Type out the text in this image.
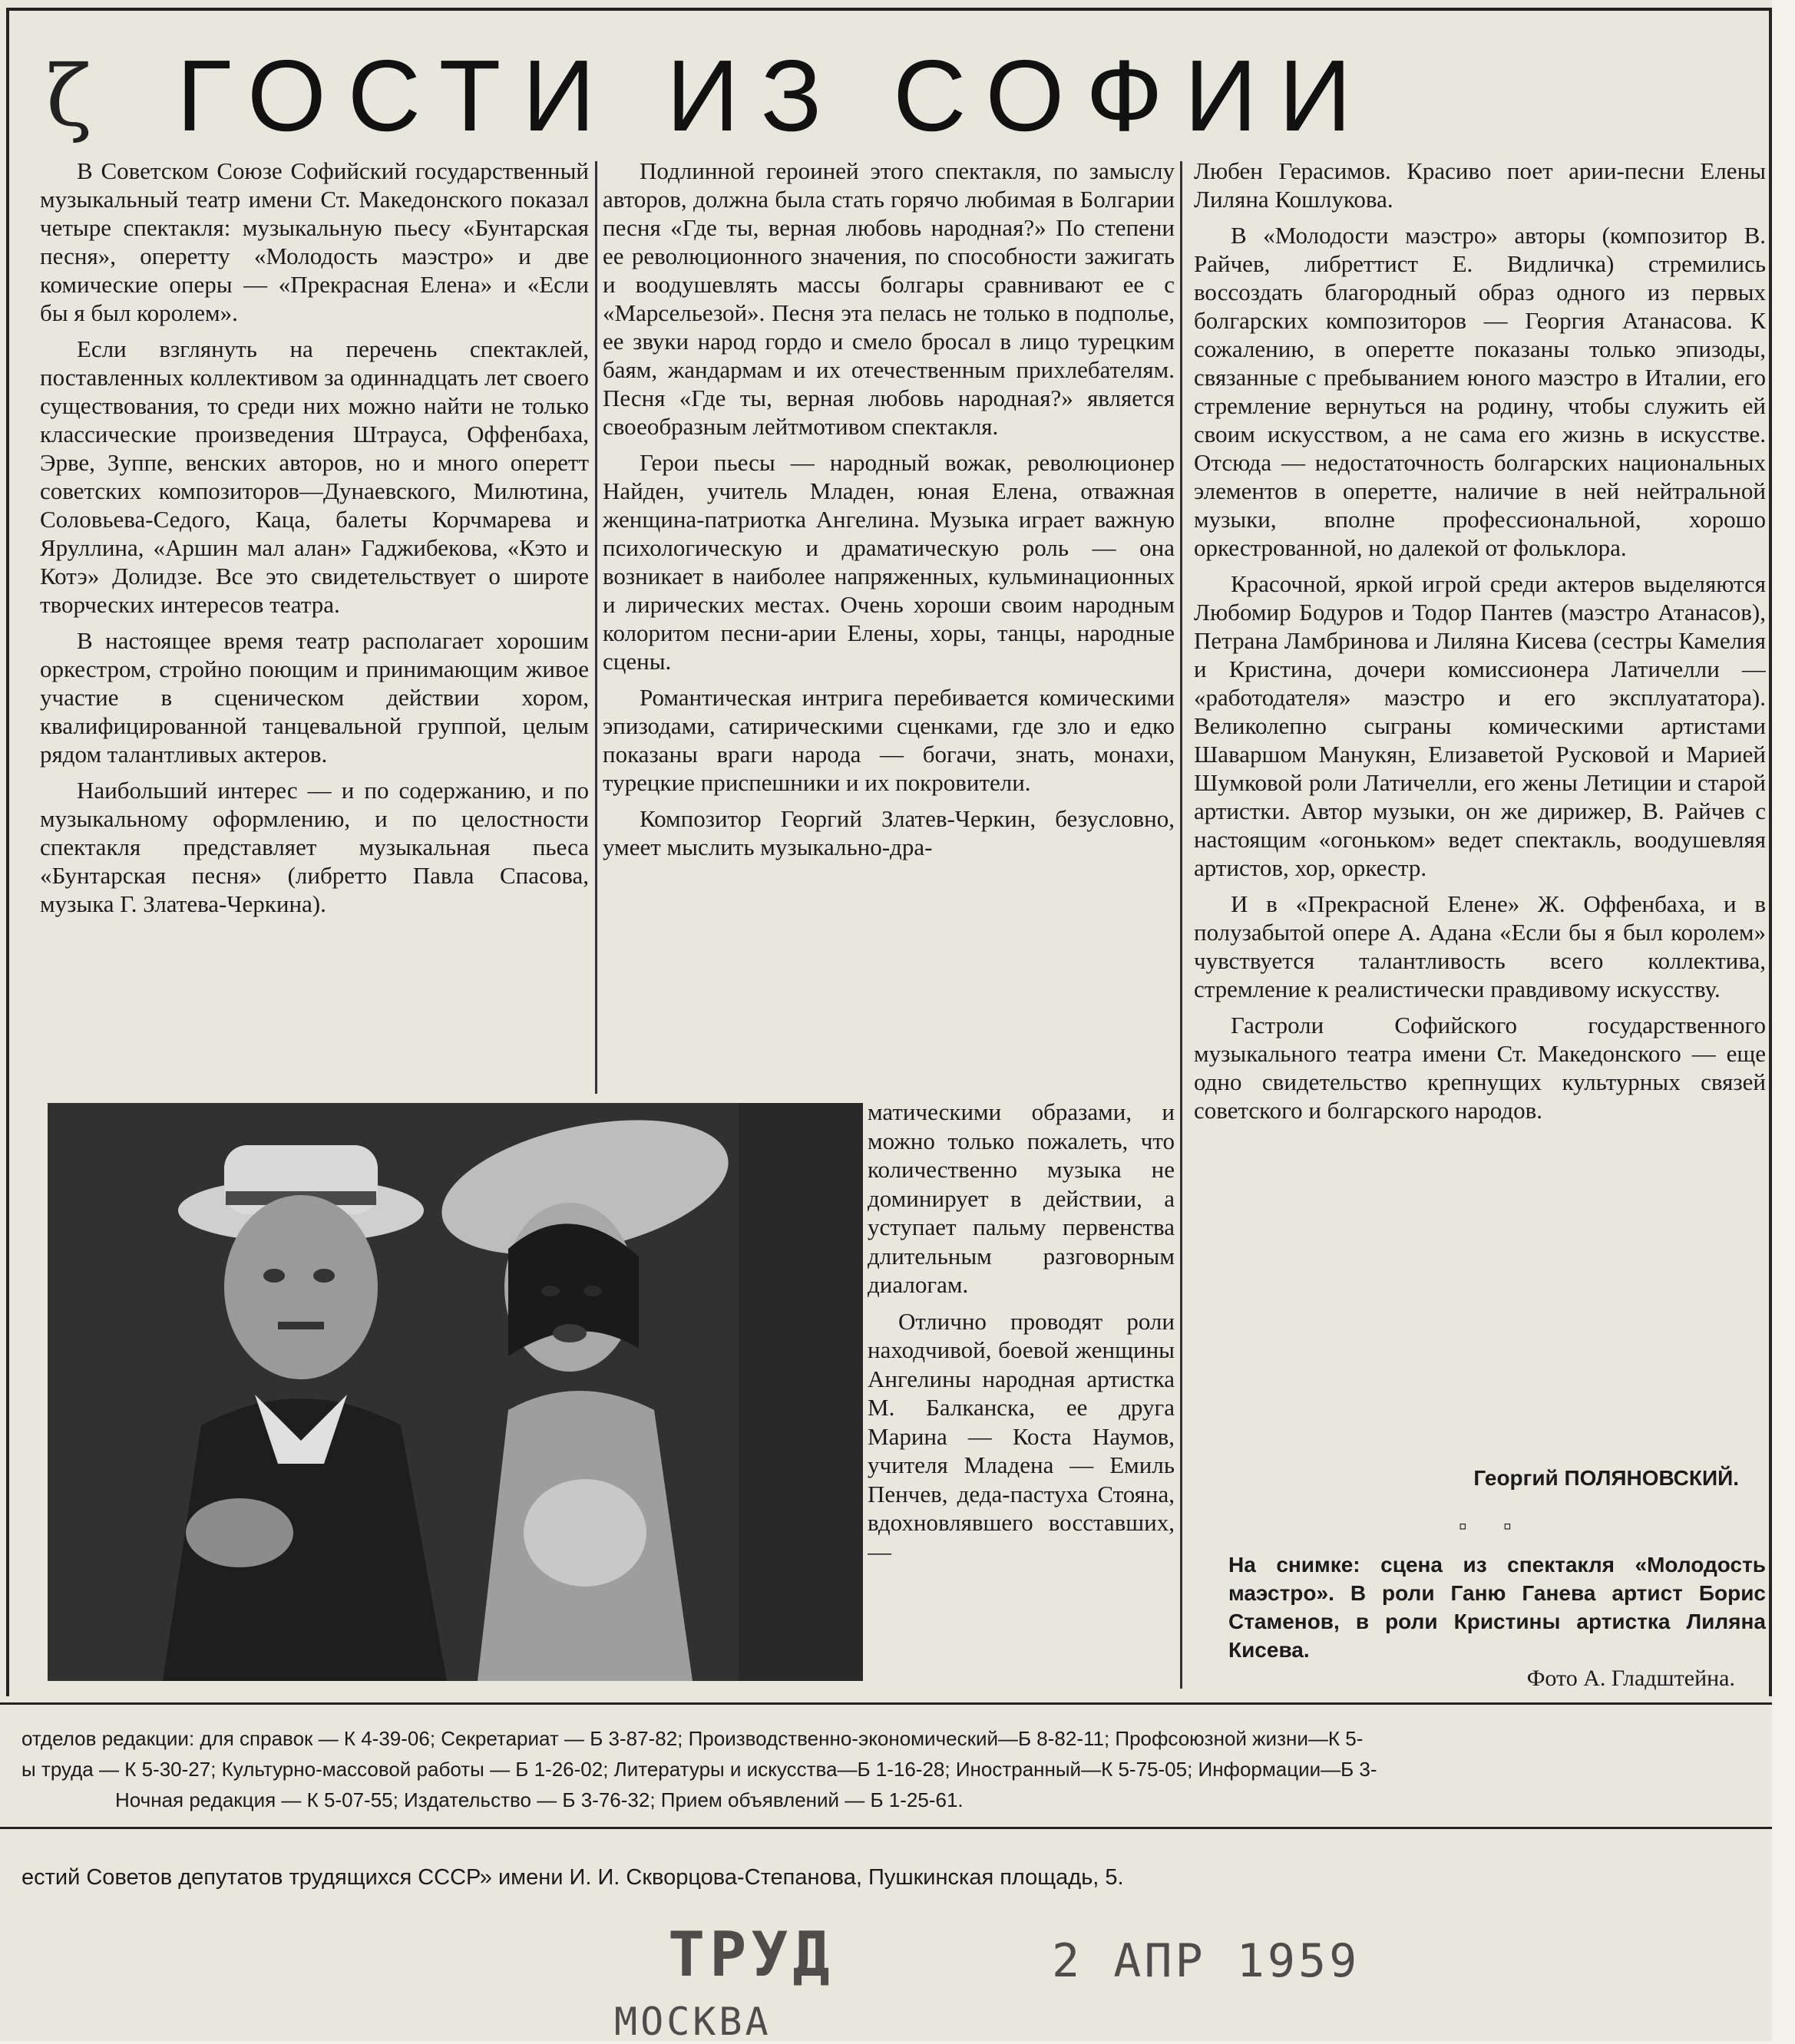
ζ ГОСТИ ИЗ СОФИИ

В Советском Союзе Софийский государственный музыкальный театр имени Ст. Македонского показал четыре спектакля: музыкальную пьесу «Бунтарская песня», оперетту «Молодость маэстро» и две комические оперы — «Прекрасная Елена» и «Если бы я был королем».

Если взглянуть на перечень спектаклей, поставленных коллективом за одиннадцать лет своего существования, то среди них можно найти не только классические произведения Штрауса, Оффенбаха, Эрве, Зуппе, венских авторов, но и много оперетт советских композиторов—Дунаевского, Милютина, Соловьева-Седого, Кацa, балеты Корчмарева и Яруллина, «Аршин мал алан» Гаджибекова, «Кэто и Котэ» Долидзе. Все это свидетельствует о широте творческих интересов театра.

В настоящее время театр располагает хорошим оркестром, стройно поющим и принимающим живое участие в сценическом действии хором, квалифицированной танцевальной группой, целым рядом талантливых актеров.

Наибольший интерес — и по содержанию, и по музыкальному оформлению, и по целостности спектакля представляет музыкальная пьеса «Бунтарская песня» (либретто Павла Спасова, музыка Г. Златева-Черкина).

Подлинной героиней этого спектакля, по замыслу авторов, должна была стать горячо любимая в Болгарии песня «Где ты, верная любовь народная?» По степени ее революционного значения, по способности зажигать и воодушевлять массы болгары сравнивают ее с «Марсельезой». Песня эта пелась не только в подполье, ее звуки народ гордо и смело бросал в лицо турецким баям, жандармам и их отечественным прихлебателям. Песня «Где ты, верная любовь народная?» является своеобразным лейтмотивом спектакля.

Герои пьесы — народный вожак, революционер Найден, учитель Младен, юная Елена, отважная женщина-патриотка Ангелина. Музыка играет важную психологическую и драматическую роль — она возникает в наиболее напряженных, кульминационных и лирических местах. Очень хороши своим народным колоритом песни-арии Елены, хоры, танцы, народные сцены.

Романтическая интрига перебивается комическими эпизодами, сатирическими сценками, где зло и едко показаны враги народа — богачи, знать, монахи, турецкие приспешники и их покровители.

Композитор Георгий Златев-Черкин, безусловно, умеет мыслить музыкально-дра-

матическими образами, и можно только пожалеть, что количественно музыка не доминирует в действии, а уступает пальму первенства длительным разговорным диалогам.

Отлично проводят роли находчивой, боевой женщины Ангелины народная артистка М. Балканска, ее друга Марина — Коста Наумов, учителя Младена — Емиль Пенчев, деда-пастуха Стояна, вдохновлявшего восставших,—

Любен Герасимов. Красиво поет арии-песни Елены Лиляна Кошлукова.

В «Молодости маэстро» авторы (композитор В. Райчев, либреттист Е. Видличка) стремились воссоздать благородный образ одного из первых болгарских композиторов — Георгия Атанасова. К сожалению, в оперетте показаны только эпизоды, связанные с пребыванием юного маэстро в Италии, его стремление вернуться на родину, чтобы служить ей своим искусством, а не сама его жизнь в искусстве. Отсюда — недостаточность болгарских национальных элементов в оперетте, наличие в ней нейтральной музыки, вполне профессиональной, хорошо оркестрованной, но далекой от фольклора.

Красочной, яркой игрой среди актеров выделяются Любомир Бодуров и Тодор Пантев (маэстро Атанасов), Петрана Ламбринова и Лиляна Кисева (сестры Камелия и Кристина, дочери комиссионера Латичелли — «работодателя» маэстро и его эксплуататора). Великолепно сыграны комическими артистами Шаваршом Манукян, Елизаветой Русковой и Марией Шумковой роли Латичелли, его жены Летиции и старой артистки. Автор музыки, он же дирижер, В. Райчев с настоящим «огоньком» ведет спектакль, воодушевляя артистов, хор, оркестр.

И в «Прекрасной Елене» Ж. Оффенбаха, и в полузабытой опере А. Адана «Если бы я был королем» чувствуется талантливость всего коллектива, стремление к реалистически правдивому искусству.

Гастроли Софийского государственного музыкального театра имени Ст. Македонского — еще одно свидетельство крепнущих культурных связей советского и болгарского народов.

Георгий ПОЛЯНОВСКИЙ.
▫ ▫
На снимке: сцена из спектакля «Молодость маэстро». В роли Ганю Ганева артист Борис Стаменов, в роли Кристины артистка Лиляна Кисева.
Фото А. Гладштейна.
отделов редакции: для справок — К 4-39-06; Секретариат — Б 3-87-82; Производственно-экономический—Б 8-82-11; Профсоюзной жизни—К 5-
ы труда — К 5-30-27; Культурно-массовой работы — Б 1-26-02; Литературы и искусства—Б 1-16-28; Иностранный—К 5-75-05; Информации—Б 3-
Ночная редакция — К 5-07-55; Издательство — Б 3-76-32; Прием объявлений — Б 1-25-61.
естий Советов депутатов трудящихся СССР» имени И. И. Скворцова-Степанова, Пушкинская площадь, 5.
ТРУД
МОСКВА
2 АПР 1959
